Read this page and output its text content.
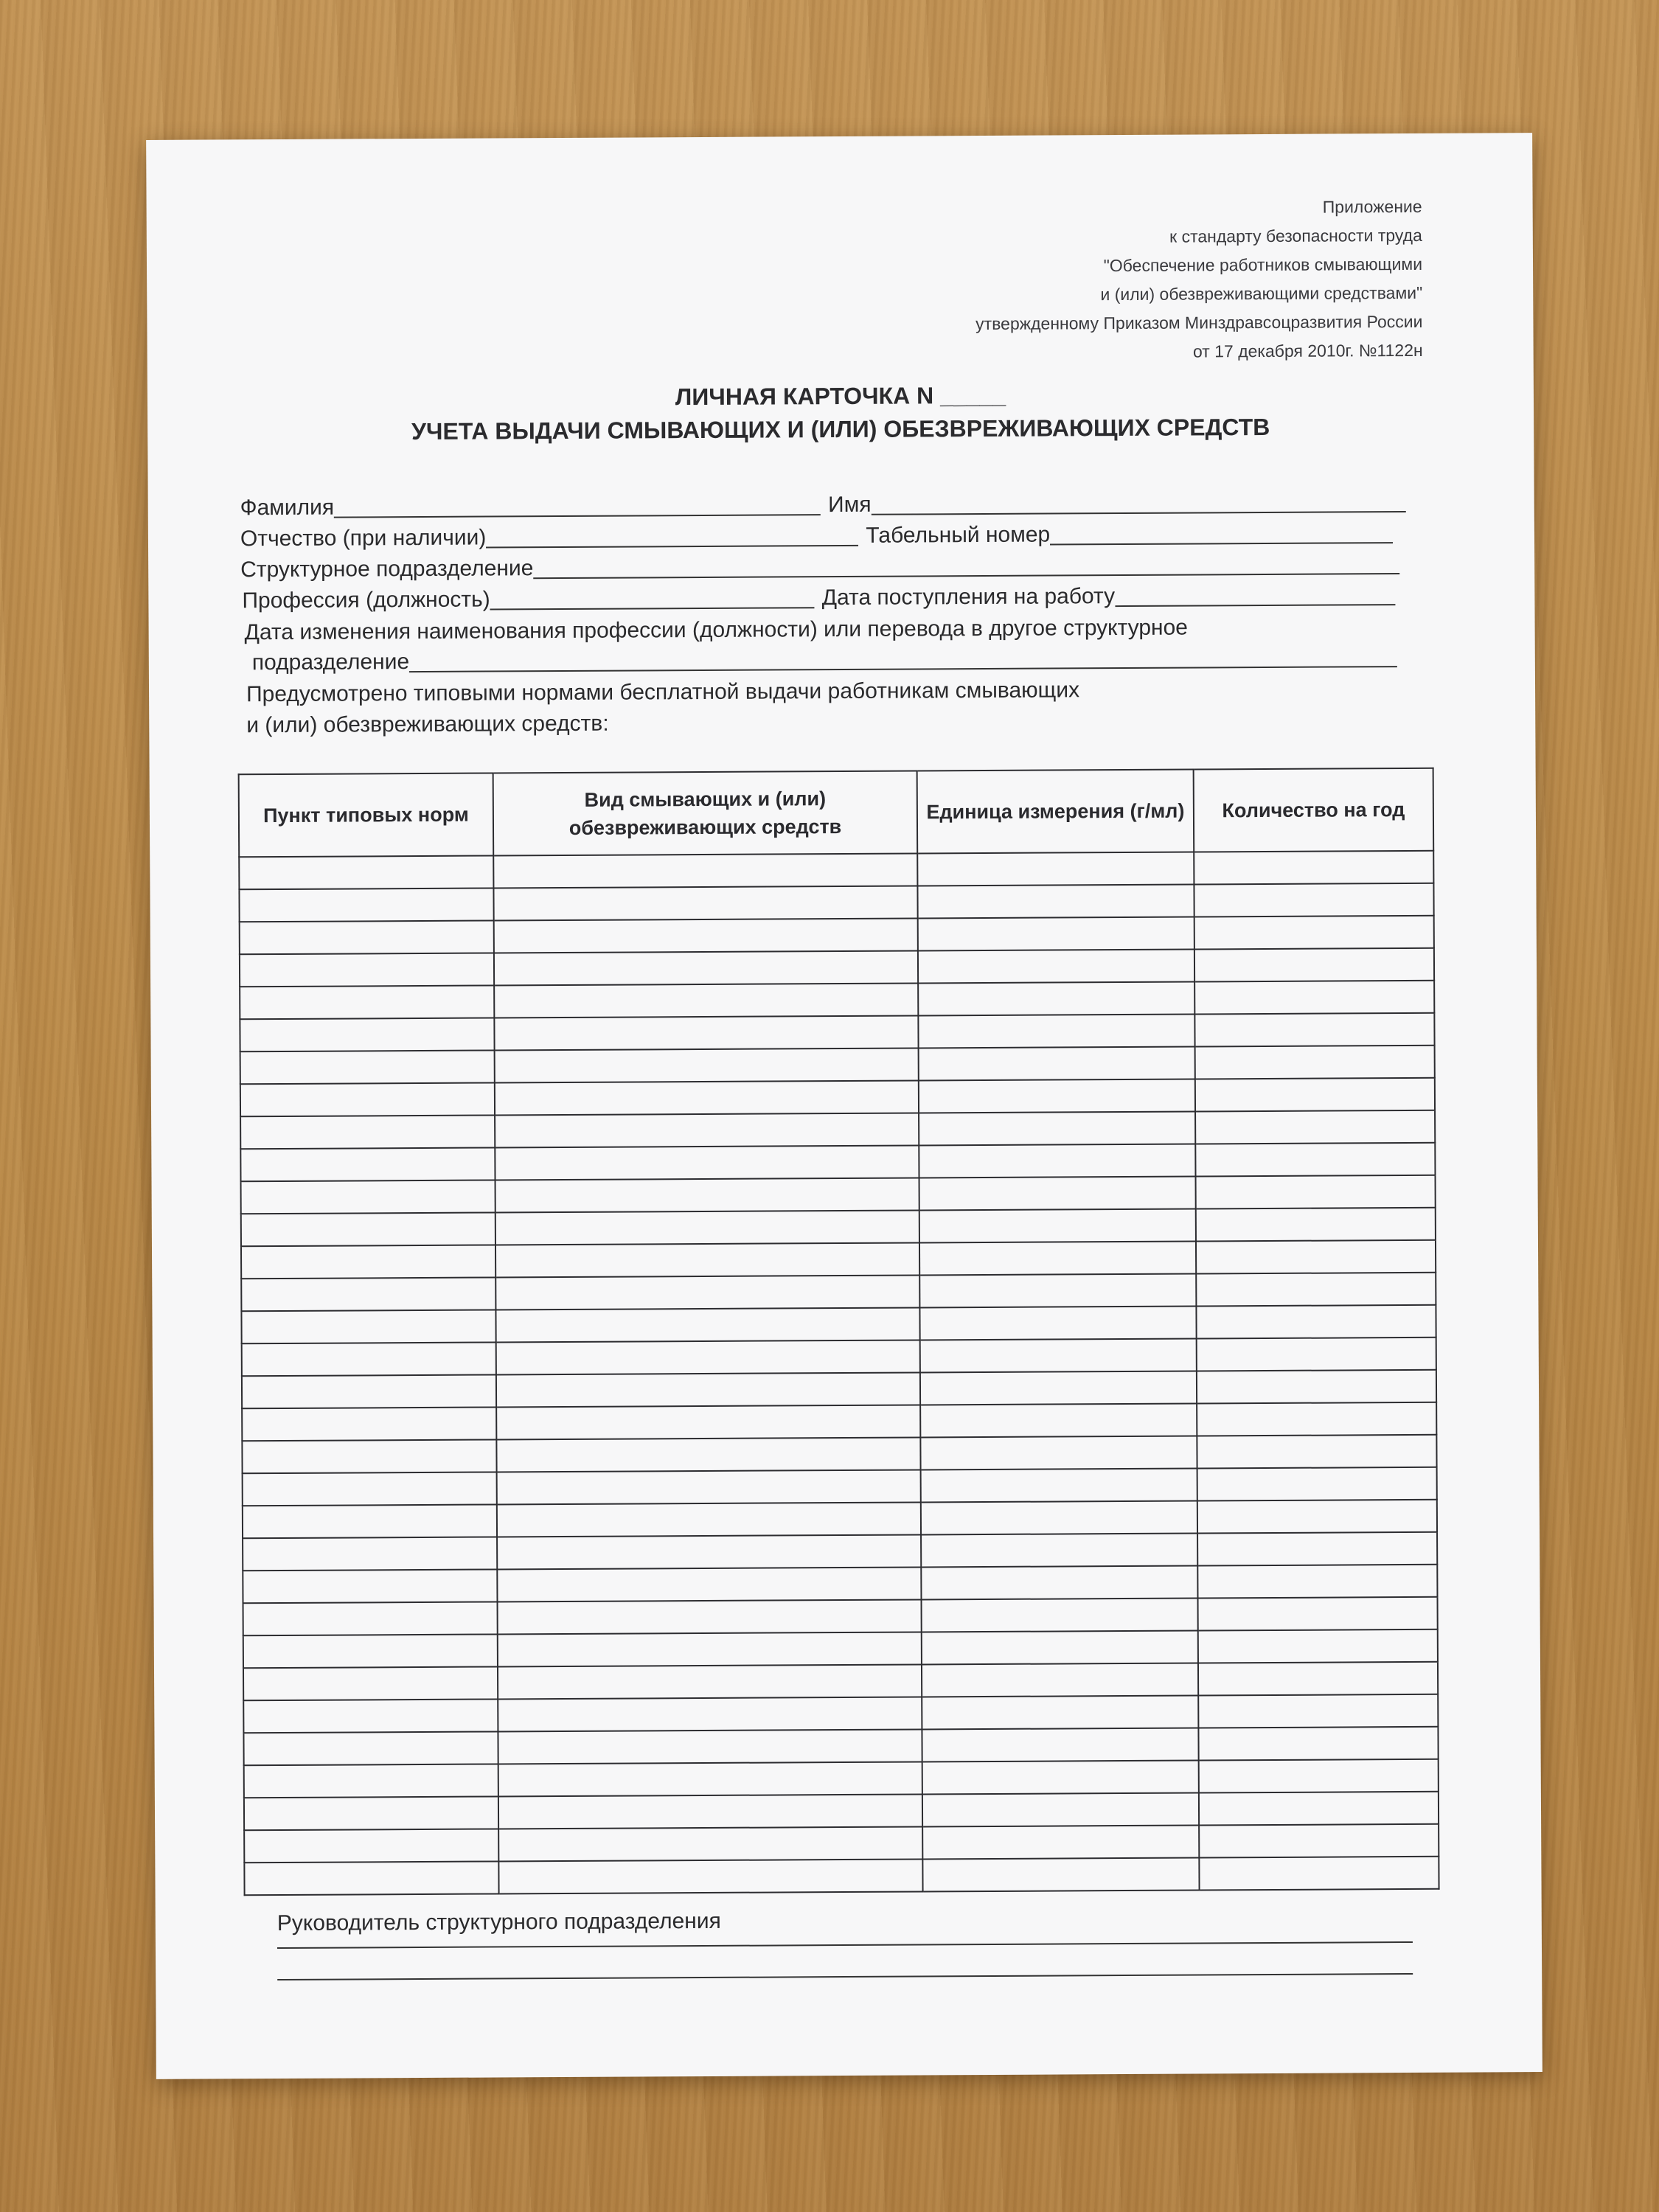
Приложение
к стандарту безопасности труда
"Обеспечение работников смывающими
и (или) обезвреживающими средствами"
утвержденному Приказом Минздравсоцразвития России
от 17 декабря 2010г. №1122н
ЛИЧНАЯ КАРТОЧКА N _____
УЧЕТА ВЫДАЧИ СМЫВАЮЩИХ И (ИЛИ) ОБЕЗВРЕЖИВАЮЩИХ СРЕДСТВ
Фамилия	Имя
Отчество (при наличии)	Табельный номер
Структурное подразделение
Профессия (должность)	Дата поступления на работу
Дата изменения наименования профессии (должности) или перевода в другое структурное
подразделение
Предусмотрено типовыми нормами бесплатной выдачи работникам смывающих
и (или) обезвреживающих средств:
Пункт типовых норм	Вид смывающих и (или) обезвреживающих средств	Единица измерения (г/мл)	Количество на год

Руководитель структурного подразделения
